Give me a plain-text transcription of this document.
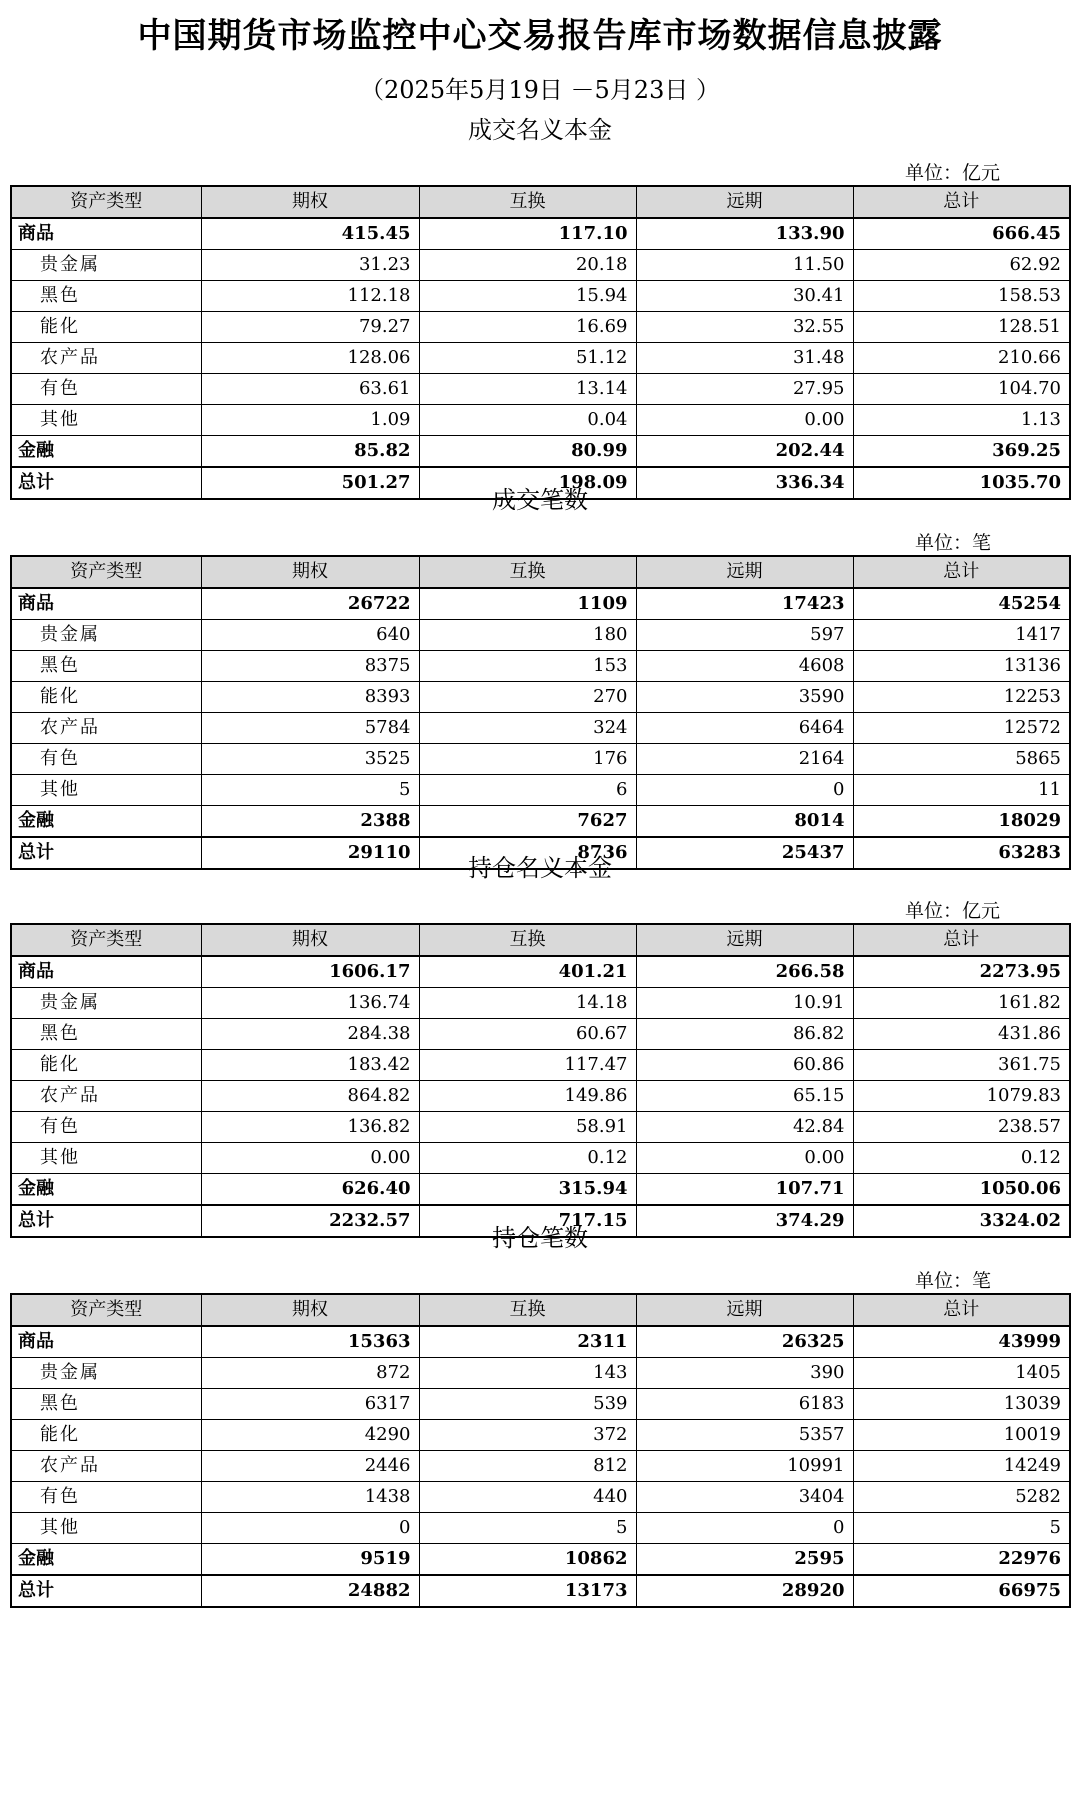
中国期货市场监控中心交易报告库市场数据信息披露
（2025年5月19日 －5月23日 ）
成交名义本金
单位：亿元
资产类型	期权	互换	远期	总计
商品	415.45	117.10	133.90	666.45
贵金属	31.23	20.18	11.50	62.92
黑色	112.18	15.94	30.41	158.53
能化	79.27	16.69	32.55	128.51
农产品	128.06	51.12	31.48	210.66
有色	63.61	13.14	27.95	104.70
其他	1.09	0.04	0.00	1.13
金融	85.82	80.99	202.44	369.25
总计	501.27	198.09	336.34	1035.70
成交笔数
单位：笔
资产类型	期权	互换	远期	总计
商品	26722	1109	17423	45254
贵金属	640	180	597	1417
黑色	8375	153	4608	13136
能化	8393	270	3590	12253
农产品	5784	324	6464	12572
有色	3525	176	2164	5865
其他	5	6	0	11
金融	2388	7627	8014	18029
总计	29110	8736	25437	63283
持仓名义本金
单位：亿元
资产类型	期权	互换	远期	总计
商品	1606.17	401.21	266.58	2273.95
贵金属	136.74	14.18	10.91	161.82
黑色	284.38	60.67	86.82	431.86
能化	183.42	117.47	60.86	361.75
农产品	864.82	149.86	65.15	1079.83
有色	136.82	58.91	42.84	238.57
其他	0.00	0.12	0.00	0.12
金融	626.40	315.94	107.71	1050.06
总计	2232.57	717.15	374.29	3324.02
持仓笔数
单位：笔
资产类型	期权	互换	远期	总计
商品	15363	2311	26325	43999
贵金属	872	143	390	1405
黑色	6317	539	6183	13039
能化	4290	372	5357	10019
农产品	2446	812	10991	14249
有色	1438	440	3404	5282
其他	0	5	0	5
金融	9519	10862	2595	22976
总计	24882	13173	28920	66975
